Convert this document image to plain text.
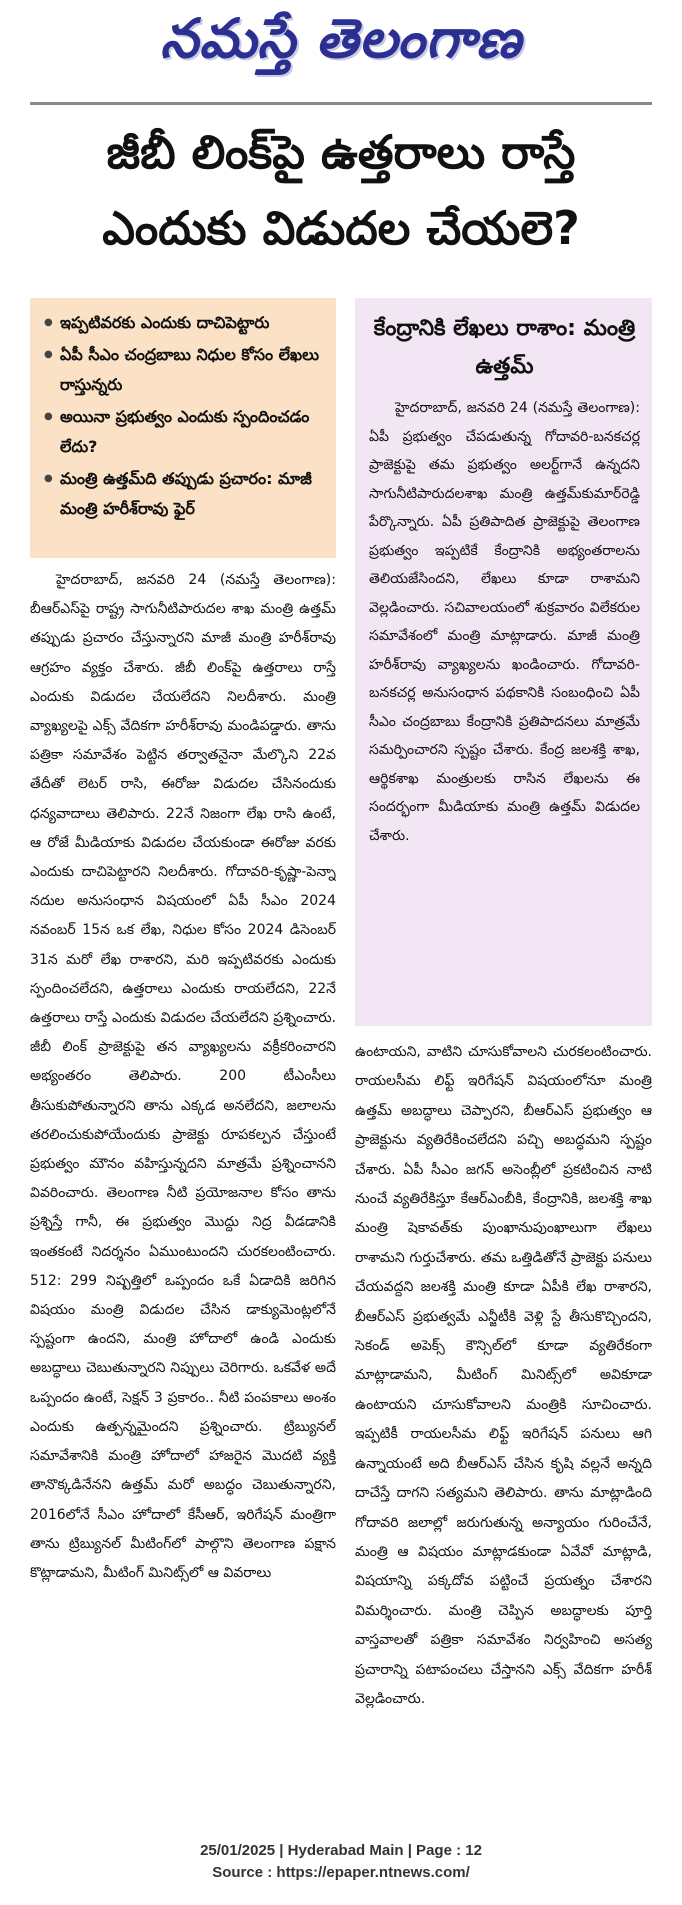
నమస్తే తెలంగాణ
జీబీ లింక్‌పై ఉత్తరాలు రాస్తే
ఎందుకు విడుదల చేయలె?
● ఇప్పటివరకు ఎందుకు దాచిపెట్టారు
● ఏపీ సీఎం చంద్రబాబు నిధుల కోసం లేఖలు రాస్తున్నరు
● అయినా ప్రభుత్వం ఎందుకు స్పందించడం లేదు?
● మంత్రి ఉత్తమ్‌ది తప్పుడు ప్రచారం: మాజీ మంత్రి హరీశ్‌రావు ఫైర్
కేంద్రానికి లేఖలు రాశాం: మంత్రి ఉత్తమ్

హైదరాబాద్, జనవరి 24 (నమస్తే తెలంగాణ): ఏపీ ప్రభుత్వం చేపడుతున్న గోదావరి-బనకచర్ల ప్రాజెక్టుపై తమ ప్రభుత్వం అలర్ట్‌గానే ఉన్నదని సాగునీటిపారుదలశాఖ మంత్రి ఉత్తమ్‌కుమార్‌రెడ్డి పేర్కొన్నారు. ఏపీ ప్రతిపాదిత ప్రాజెక్టుపై తెలంగాణ ప్రభుత్వం ఇప్పటికే కేంద్రానికి అభ్యంతరాలను తెలియజేసిందని, లేఖలు కూడా రాశామని వెల్లడించారు. సచివాలయంలో శుక్రవారం విలేకరుల సమావేశంలో మంత్రి మాట్లాడారు. మాజీ మంత్రి హరీశ్‌రావు వ్యాఖ్యలను ఖండించారు. గోదావరి-బనకచర్ల అనుసంధాన పథకానికి సంబంధించి ఏపీ సీఎం చంద్రబాబు కేంద్రానికి ప్రతిపాదనలు మాత్రమే సమర్పించారని స్పష్టం చేశారు. కేంద్ర జలశక్తి శాఖ, ఆర్థికశాఖ మంత్రులకు రాసిన లేఖలను ఈ సందర్భంగా మీడియాకు మంత్రి ఉత్తమ్ విడుదల చేశారు.

హైదరాబాద్, జనవరి 24 (నమస్తే తెలంగాణ): బీఆర్‌ఎస్‌పై రాష్ట్ర సాగునీటిపారుదల శాఖ మంత్రి ఉత్తమ్ తప్పుడు ప్రచారం చేస్తున్నారని మాజీ మంత్రి హరీశ్‌రావు ఆగ్రహం వ్యక్తం చేశారు. జీబీ లింక్‌పై ఉత్తరాలు రాస్తే ఎందుకు విడుదల చేయలేదని నిలదీశారు. మంత్రి వ్యాఖ్యలపై ఎక్స్ వేదికగా హరీశ్‌రావు మండిపడ్డారు. తాను పత్రికా సమావేశం పెట్టిన తర్వాతనైనా మేల్కొని 22వ తేదీతో లెటర్ రాసి, ఈరోజు విడుదల చేసినందుకు ధన్యవాదాలు తెలిపారు. 22నే నిజంగా లేఖ రాసి ఉంటే, ఆ రోజే మీడియాకు విడుదల చేయకుండా ఈరోజు వరకు ఎందుకు దాచిపెట్టారని నిలదీశారు. గోదావరి-కృష్ణా-పెన్నా నదుల అనుసంధాన విషయంలో ఏపీ సీఎం 2024 నవంబర్ 15న ఒక లేఖ, నిధుల కోసం 2024 డిసెంబర్ 31న మరో లేఖ రాశారని, మరి ఇప్పటివరకు ఎందుకు స్పందించలేదని, ఉత్తరాలు ఎందుకు రాయలేదని, 22నే ఉత్తరాలు రాస్తే ఎందుకు విడుదల చేయలేదని ప్రశ్నించారు. జీబీ లింక్ ప్రాజెక్టుపై తన వ్యాఖ్యలను వక్రీకరించారని అభ్యంతరం తెలిపారు. 200 టీఎంసీలు తీసుకుపోతున్నారని తాను ఎక్కడ అనలేదని, జలాలను తరలించుకుపోయేందుకు ప్రాజెక్టు రూపకల్పన చేస్తుంటే ప్రభుత్వం మౌనం వహిస్తున్నదని మాత్రమే ప్రశ్నించానని వివరించారు. తెలంగాణ నీటి ప్రయోజనాల కోసం తాను ప్రశ్నిస్తే గానీ, ఈ ప్రభుత్వం మొద్దు నిద్ర వీడడానికి ఇంతకంటే నిదర్శనం ఏముంటుందని చురకలంటించారు. 512: 299 నిష్పత్తిలో ఒప్పందం ఒకే ఏడాదికి జరిగిన విషయం మంత్రి విడుదల చేసిన డాక్యుమెంట్లలోనే స్పష్టంగా ఉందని, మంత్రి హోదాలో ఉండి ఎందుకు అబద్ధాలు చెబుతున్నారని నిప్పులు చెరిగారు. ఒకవేళ అదే ఒప్పందం ఉంటే, సెక్షన్ 3 ప్రకారం.. నీటి పంపకాలు అంశం ఎందుకు ఉత్పన్నమైందని ప్రశ్నించారు. ట్రిబ్యునల్ సమావేశానికి మంత్రి హోదాలో హాజరైన మొదటి వ్యక్తి తానొక్కడినేనని ఉత్తమ్ మరో అబద్ధం చెబుతున్నారని, 2016లోనే సీఎం హోదాలో కేసీఆర్, ఇరిగేషన్ మంత్రిగా తాను ట్రిబ్యునల్ మీటింగ్‌లో పాల్గొని తెలంగాణ పక్షాన కొట్లాడామని, మీటింగ్ మినిట్స్‌లో ఆ వివరాలు

ఉంటాయని, వాటిని చూసుకోవాలని చురకలంటించారు. రాయలసీమ లిఫ్ట్ ఇరిగేషన్ విషయంలోనూ మంత్రి ఉత్తమ్ అబద్ధాలు చెప్పారని, బీఆర్‌ఎస్ ప్రభుత్వం ఆ ప్రాజెక్టును వ్యతిరేకించలేదని పచ్చి అబద్ధమని స్పష్టం చేశారు. ఏపీ సీఎం జగన్ అసెంబ్లీలో ప్రకటించిన నాటి నుంచే వ్యతిరేకిస్తూ కేఆర్‌ఎంబీకి, కేంద్రానికి, జలశక్తి శాఖ మంత్రి షెకావత్‌కు పుంఖానుపుంఖాలుగా లేఖలు రాశామని గుర్తుచేశారు. తమ ఒత్తిడితోనే ప్రాజెక్టు పనులు చేయవద్దని జలశక్తి మంత్రి కూడా ఏపీకి లేఖ రాశారని, బీఆర్‌ఎస్ ప్రభుత్వమే ఎన్జీటీకి వెళ్లి స్టే తీసుకొచ్చిందని, సెకండ్ అపెక్స్ కౌన్సిల్‌లో కూడా వ్యతిరేకంగా మాట్లాడామని, మీటింగ్ మినిట్స్‌లో అవికూడా ఉంటాయని చూసుకోవాలని మంత్రికి సూచించారు. ఇప్పటికీ రాయలసీమ లిఫ్ట్ ఇరిగేషన్ పనులు ఆగి ఉన్నాయంటే అది బీఆర్‌ఎస్ చేసిన కృషి వల్లనే అన్నది దాచేస్తే దాగని సత్యమని తెలిపారు. తాను మాట్లాడింది గోదావరి జలాల్లో జరుగుతున్న అన్యాయం గురించేనే, మంత్రి ఆ విషయం మాట్లాడకుండా ఏవేవో మాట్లాడి, విషయాన్ని పక్కదోవ పట్టించే ప్రయత్నం చేశారని విమర్శించారు. మంత్రి చెప్పిన అబద్ధాలకు పూర్తి వాస్తవాలతో పత్రికా సమావేశం నిర్వహించి అసత్య ప్రచారాన్ని పటాపంచలు చేస్తానని ఎక్స్ వేదికగా హరీశ్ వెల్లడించారు.

25/01/2025 | Hyderabad Main | Page : 12
Source : https://epaper.ntnews.com/
